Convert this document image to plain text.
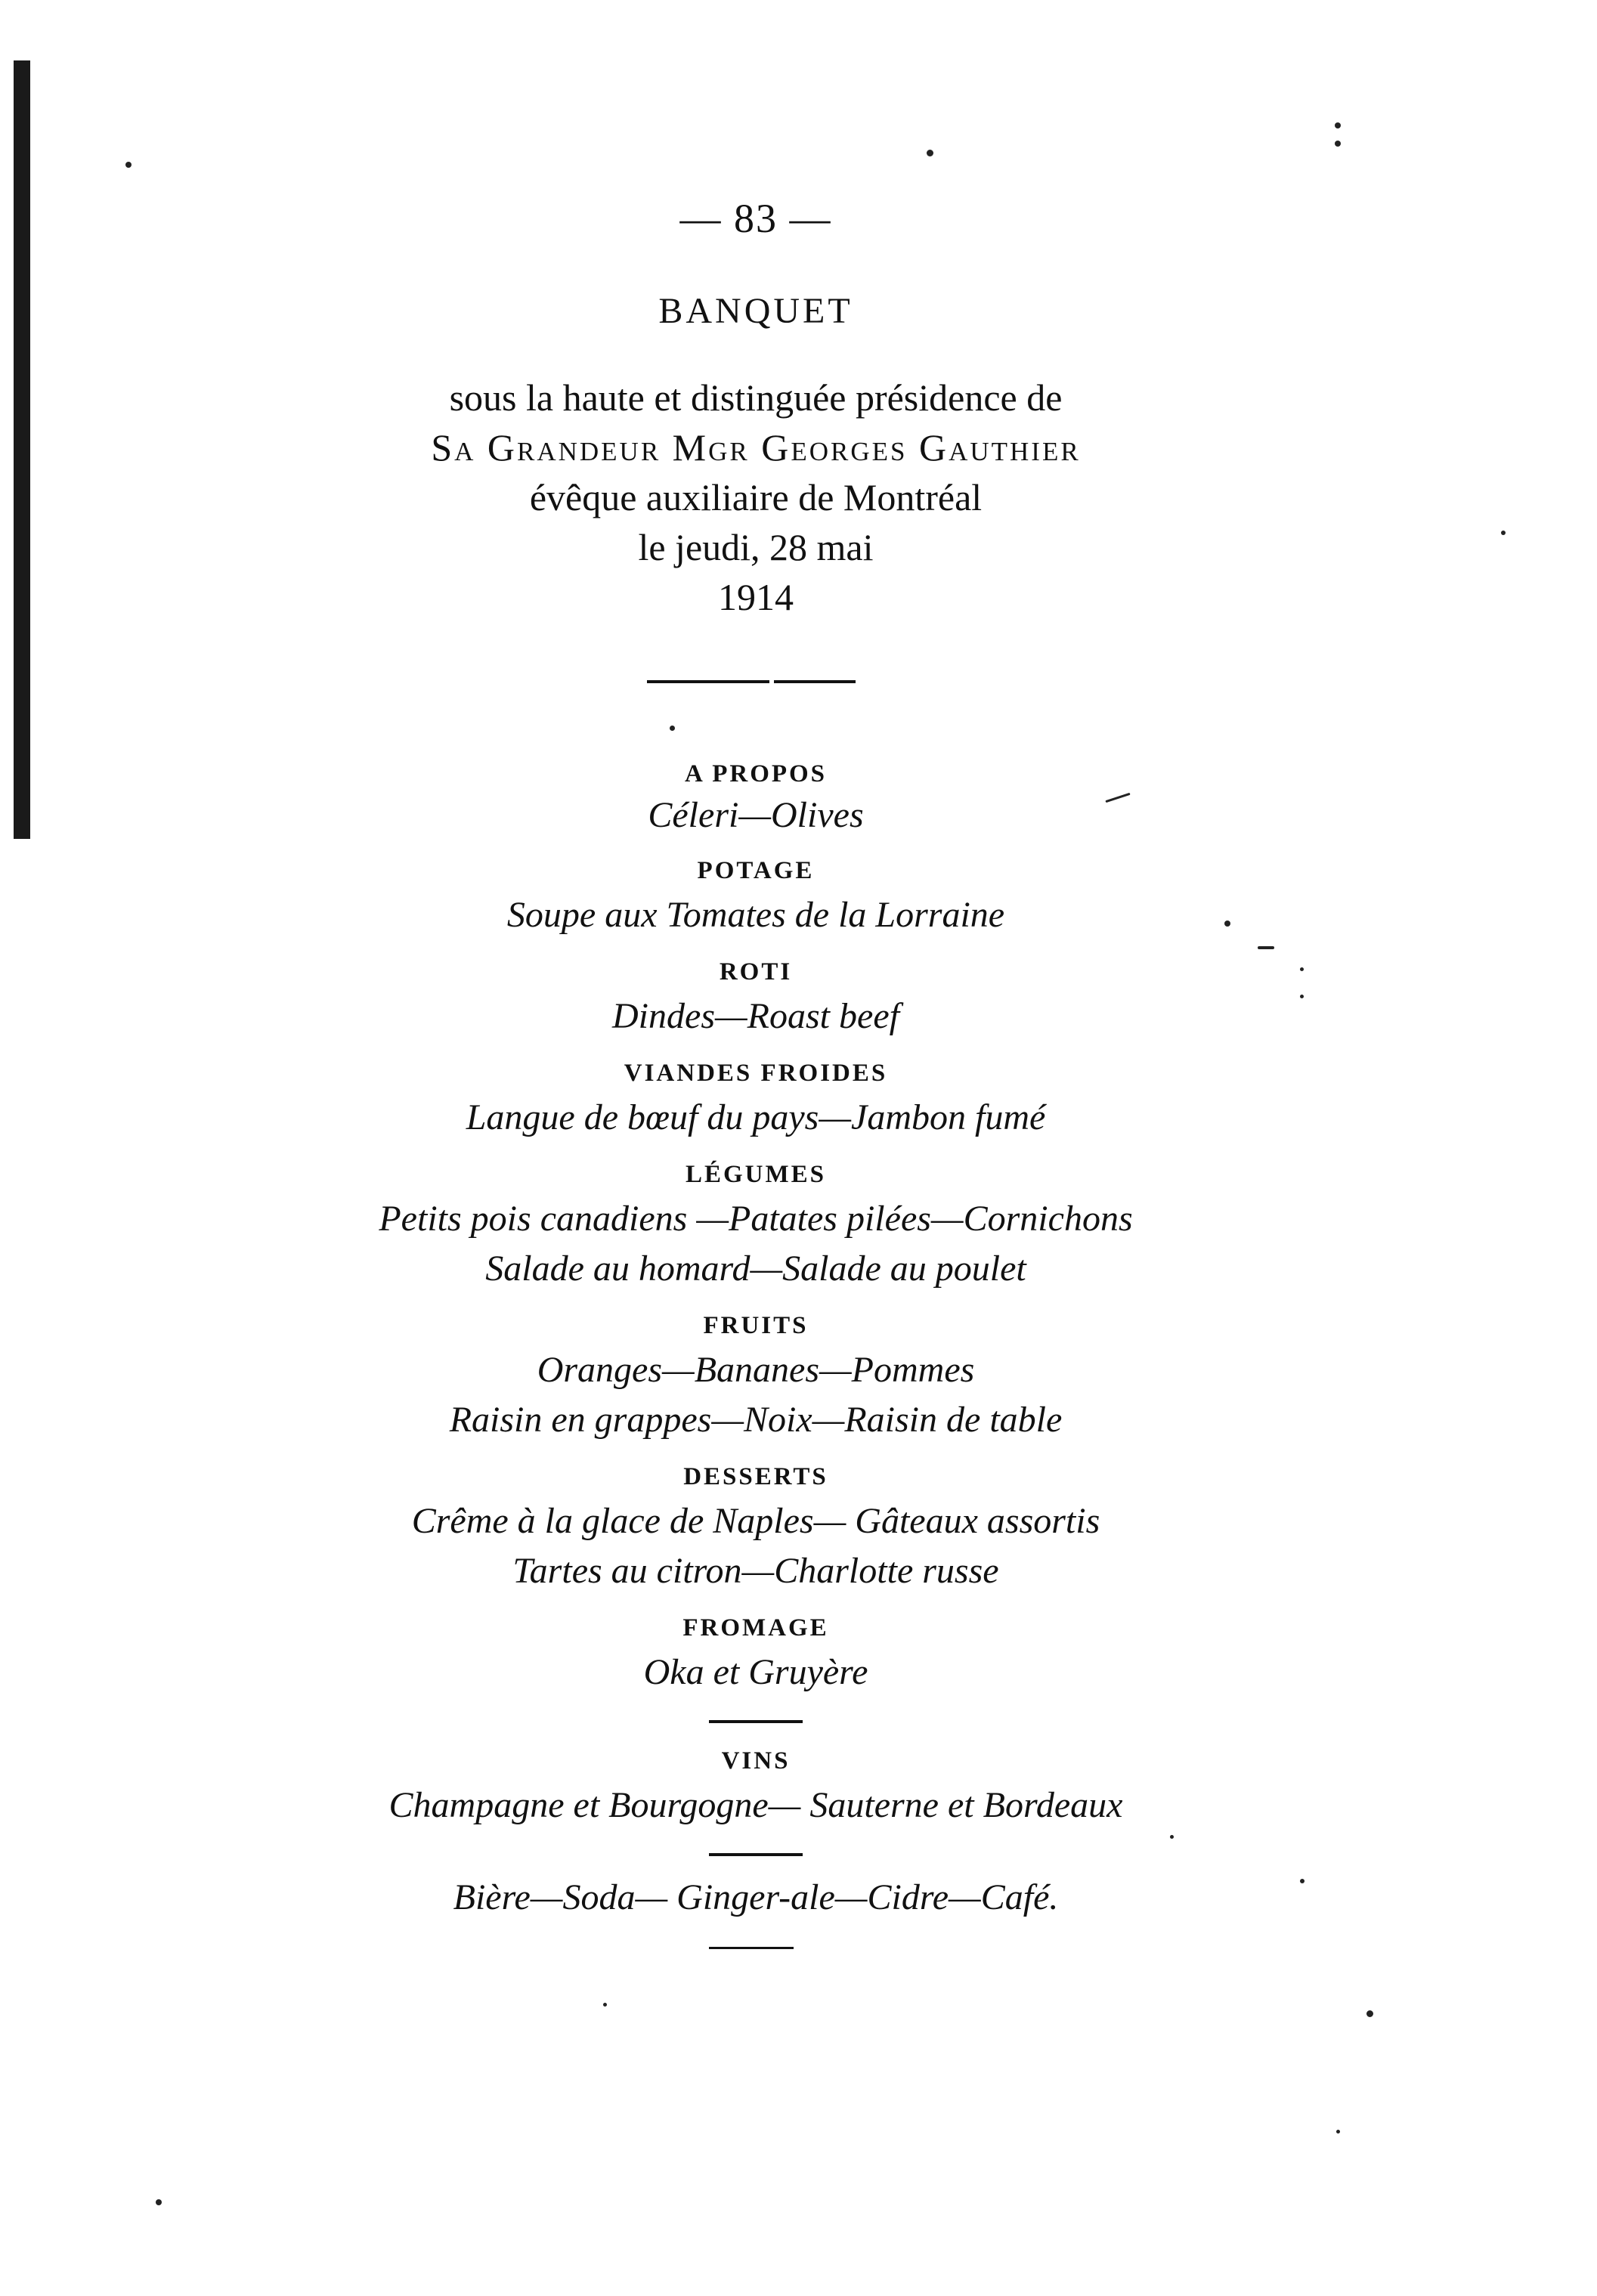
— 83 —
BANQUET
sous la haute et distinguée présidence de
Sa Grandeur Mgr Georges Gauthier
évêque auxiliaire de Montréal
le jeudi, 28 mai
1914
A PROPOS
Céleri—Olives
POTAGE
Soupe aux Tomates de la Lorraine
ROTI
Dindes—Roast beef
VIANDES FROIDES
Langue de bœuf du pays—Jambon fumé
LÉGUMES
Petits pois canadiens —Patates pilées—Cornichons
Salade au homard—Salade au poulet
FRUITS
Oranges—Bananes—Pommes
Raisin en grappes—Noix—Raisin de table
DESSERTS
Crême à la glace de Naples— Gâteaux assortis
Tartes au citron—Charlotte russe
FROMAGE
Oka et Gruyère
VINS
Champagne et Bourgogne— Sauterne et Bordeaux
Bière—Soda— Ginger-ale—Cidre—Café.
